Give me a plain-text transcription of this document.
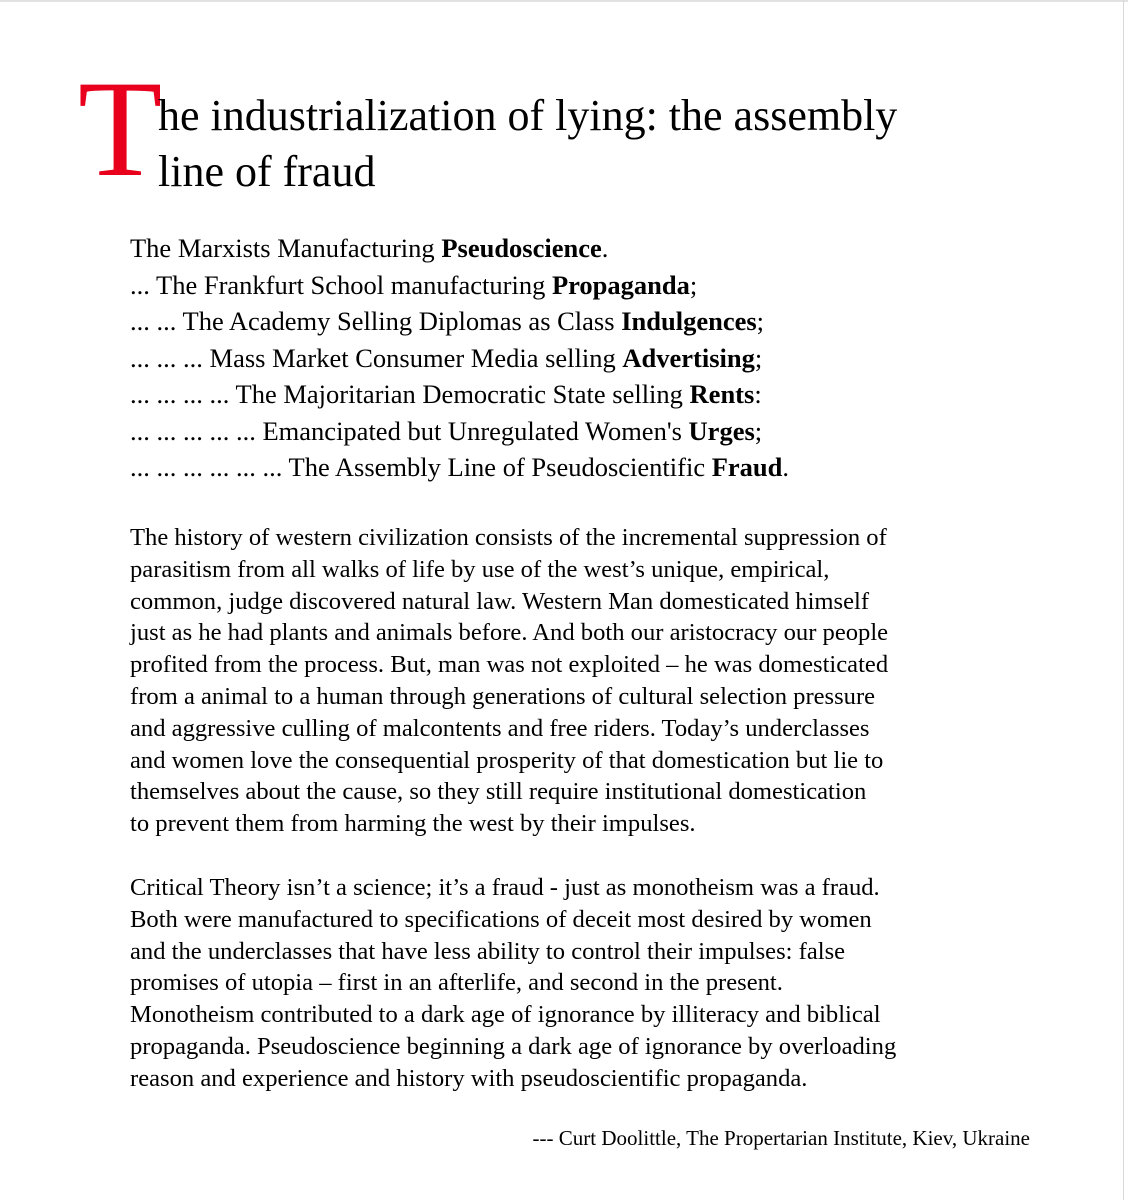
T
he industrialization of lying: the assembly
line of fraud
The Marxists Manufacturing Pseudoscience.
... The Frankfurt School manufacturing Propaganda;
... ... The Academy Selling Diplomas as Class Indulgences;
... ... ... Mass Market Consumer Media selling Advertising;
... ... ... ... The Majoritarian Democratic State selling Rents:
... ... ... ... ... Emancipated but Unregulated Women's Urges;
... ... ... ... ... ... The Assembly Line of Pseudoscientific Fraud.
The history of western civilization consists of the incremental suppression of
parasitism from all walks of life by use of the west’s unique, empirical,
common, judge discovered natural law. Western Man domesticated himself
just as he had plants and animals before. And both our aristocracy our people
profited from the process. But, man was not exploited – he was domesticated
from a animal to a human through generations of cultural selection pressure
and aggressive culling of malcontents and free riders. Today’s underclasses
and women love the consequential prosperity of that domestication but lie to
themselves about the cause, so they still require institutional domestication
to prevent them from harming the west by their impulses.
Critical Theory isn’t a science; it’s a fraud - just as monotheism was a fraud.
Both were manufactured to specifications of deceit most desired by women
and the underclasses that have less ability to control their impulses: false
promises of utopia – first in an afterlife, and second in the present.
Monotheism contributed to a dark age of ignorance by illiteracy and biblical
propaganda. Pseudoscience beginning a dark age of ignorance by overloading
reason and experience and history with pseudoscientific propaganda.
--- Curt Doolittle, The Propertarian Institute, Kiev, Ukraine
